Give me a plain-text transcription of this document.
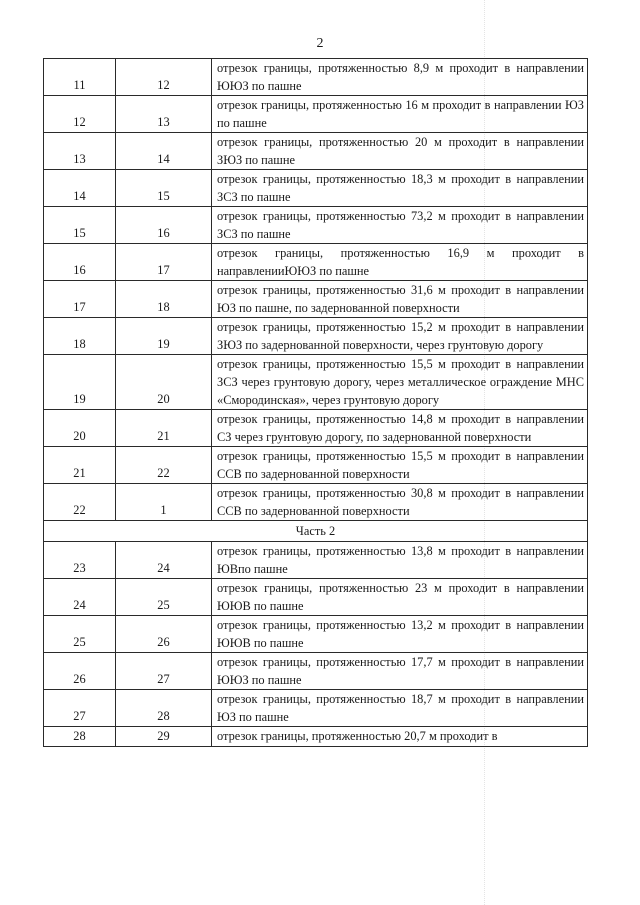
2
11	12	отрезок границы, протяженностью 8,9 м проходит в направлении ЮЮЗ по пашне
12	13	отрезок границы, протяженностью 16 м проходит в направлении ЮЗ по пашне
13	14	отрезок границы, протяженностью 20 м проходит в направлении ЗЮЗ по пашне
14	15	отрезок границы, протяженностью 18,3 м проходит в направлении ЗСЗ по пашне
15	16	отрезок границы, протяженностью 73,2 м проходит в направлении ЗСЗ по пашне
16	17	отрезок границы, протяженностью 16,9 м проходит в направленииЮЮЗ по пашне
17	18	отрезок границы, протяженностью 31,6 м проходит в направлении ЮЗ по пашне, по задернованной поверхности
18	19	отрезок границы, протяженностью 15,2 м проходит в направлении ЗЮЗ по задернованной поверхности, через грунтовую дорогу
19	20	отрезок границы, протяженностью 15,5 м проходит в направлении ЗСЗ через грунтовую дорогу, через металлическое ограждение МНС «Смородинская», через грунтовую дорогу
20	21	отрезок границы, протяженностью 14,8 м проходит в направлении СЗ через грунтовую дорогу, по задернованной поверхности
21	22	отрезок границы, протяженностью 15,5 м проходит в направлении ССВ по задернованной поверхности
22	1	отрезок границы, протяженностью 30,8 м проходит в направлении ССВ по задернованной поверхности
Часть 2		
23	24	отрезок границы, протяженностью 13,8 м проходит в направлении ЮВпо пашне
24	25	отрезок границы, протяженностью 23 м проходит в направлении ЮЮВ по пашне
25	26	отрезок границы, протяженностью 13,2 м проходит в направлении ЮЮВ по пашне
26	27	отрезок границы, протяженностью 17,7 м проходит в направлении ЮЮЗ по пашне
27	28	отрезок границы, протяженностью 18,7 м проходит в направлении ЮЗ по пашне
28	29	отрезок границы, протяженностью 20,7 м проходит в
